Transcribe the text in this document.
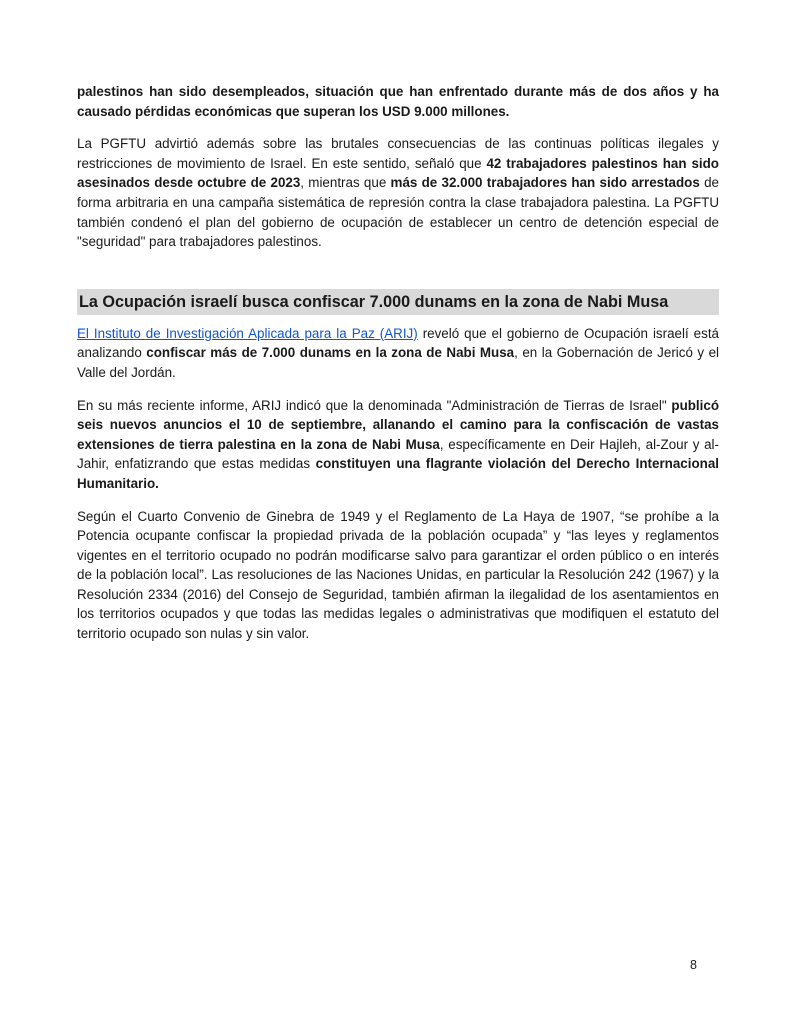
palestinos han sido desempleados, situación que han enfrentado durante más de dos años y ha causado pérdidas económicas que superan los USD 9.000 millones.

La PGFTU advirtió además sobre las brutales consecuencias de las continuas políticas ilegales y restricciones de movimiento de Israel. En este sentido, señaló que 42 trabajadores palestinos han sido asesinados desde octubre de 2023, mientras que más de 32.000 trabajadores han sido arrestados de forma arbitraria en una campaña sistemática de represión contra la clase trabajadora palestina. La PGFTU también condenó el plan del gobierno de ocupación de establecer un centro de detención especial de "seguridad" para trabajadores palestinos.

La Ocupación israelí busca confiscar 7.000 dunams en la zona de Nabi Musa

El Instituto de Investigación Aplicada para la Paz (ARIJ) reveló que el gobierno de Ocupación israelí está analizando confiscar más de 7.000 dunams en la zona de Nabi Musa, en la Gobernación de Jericó y el Valle del Jordán.

En su más reciente informe, ARIJ indicó que la denominada "Administración de Tierras de Israel" publicó seis nuevos anuncios el 10 de septiembre, allanando el camino para la confiscación de vastas extensiones de tierra palestina en la zona de Nabi Musa, específicamente en Deir Hajleh, al-Zour y al-Jahir, enfatizrando que estas medidas constituyen una flagrante violación del Derecho Internacional Humanitario.

Según el Cuarto Convenio de Ginebra de 1949 y el Reglamento de La Haya de 1907, “se prohíbe a la Potencia ocupante confiscar la propiedad privada de la población ocupada” y “las leyes y reglamentos vigentes en el territorio ocupado no podrán modificarse salvo para garantizar el orden público o en interés de la población local”. Las resoluciones de las Naciones Unidas, en particular la Resolución 242 (1967) y la Resolución 2334 (2016) del Consejo de Seguridad, también afirman la ilegalidad de los asentamientos en los territorios ocupados y que todas las medidas legales o administrativas que modifiquen el estatuto del territorio ocupado son nulas y sin valor.

8
